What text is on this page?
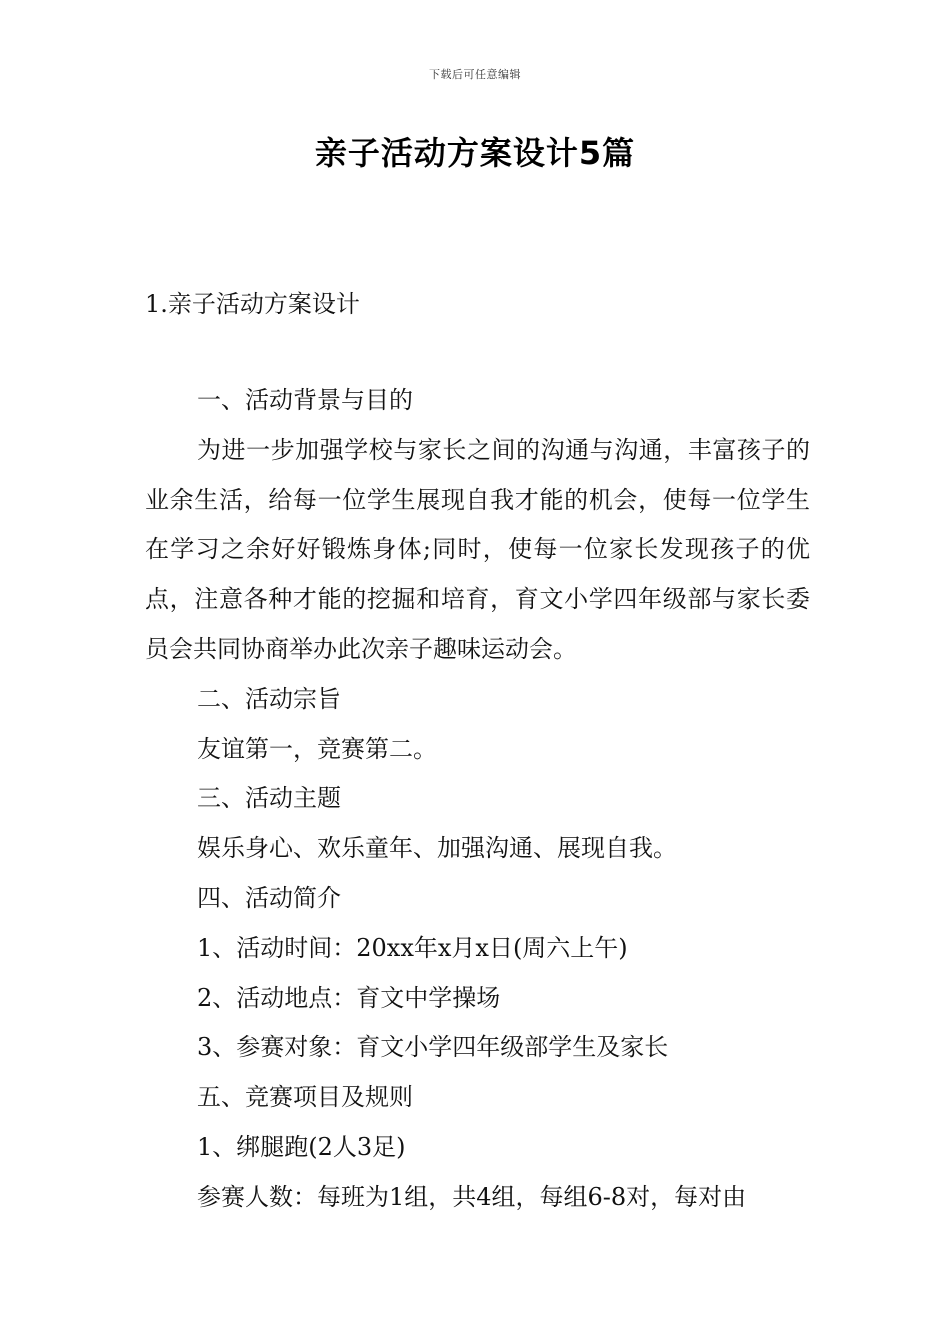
下载后可任意编辑
亲子活动方案设计5篇
1.亲子活动方案设计

一、活动背景与目的

为进一步加强学校与家长之间的沟通与沟通，丰富孩子的业余生活，给每一位学生展现自我才能的机会，使每一位学生在学习之余好好锻炼身体;同时，使每一位家长发现孩子的优点，注意各种才能的挖掘和培育，育文小学四年级部与家长委员会共同协商举办此次亲子趣味运动会。

二、活动宗旨

友谊第一，竞赛第二。

三、活动主题

娱乐身心、欢乐童年、加强沟通、展现自我。

四、活动简介

1、活动时间：20xx年x月x日(周六上午)

2、活动地点：育文中学操场

3、参赛对象：育文小学四年级部学生及家长

五、竞赛项目及规则

1、绑腿跑(2人3足)

参赛人数：每班为1组，共4组，每组6-8对，每对由
